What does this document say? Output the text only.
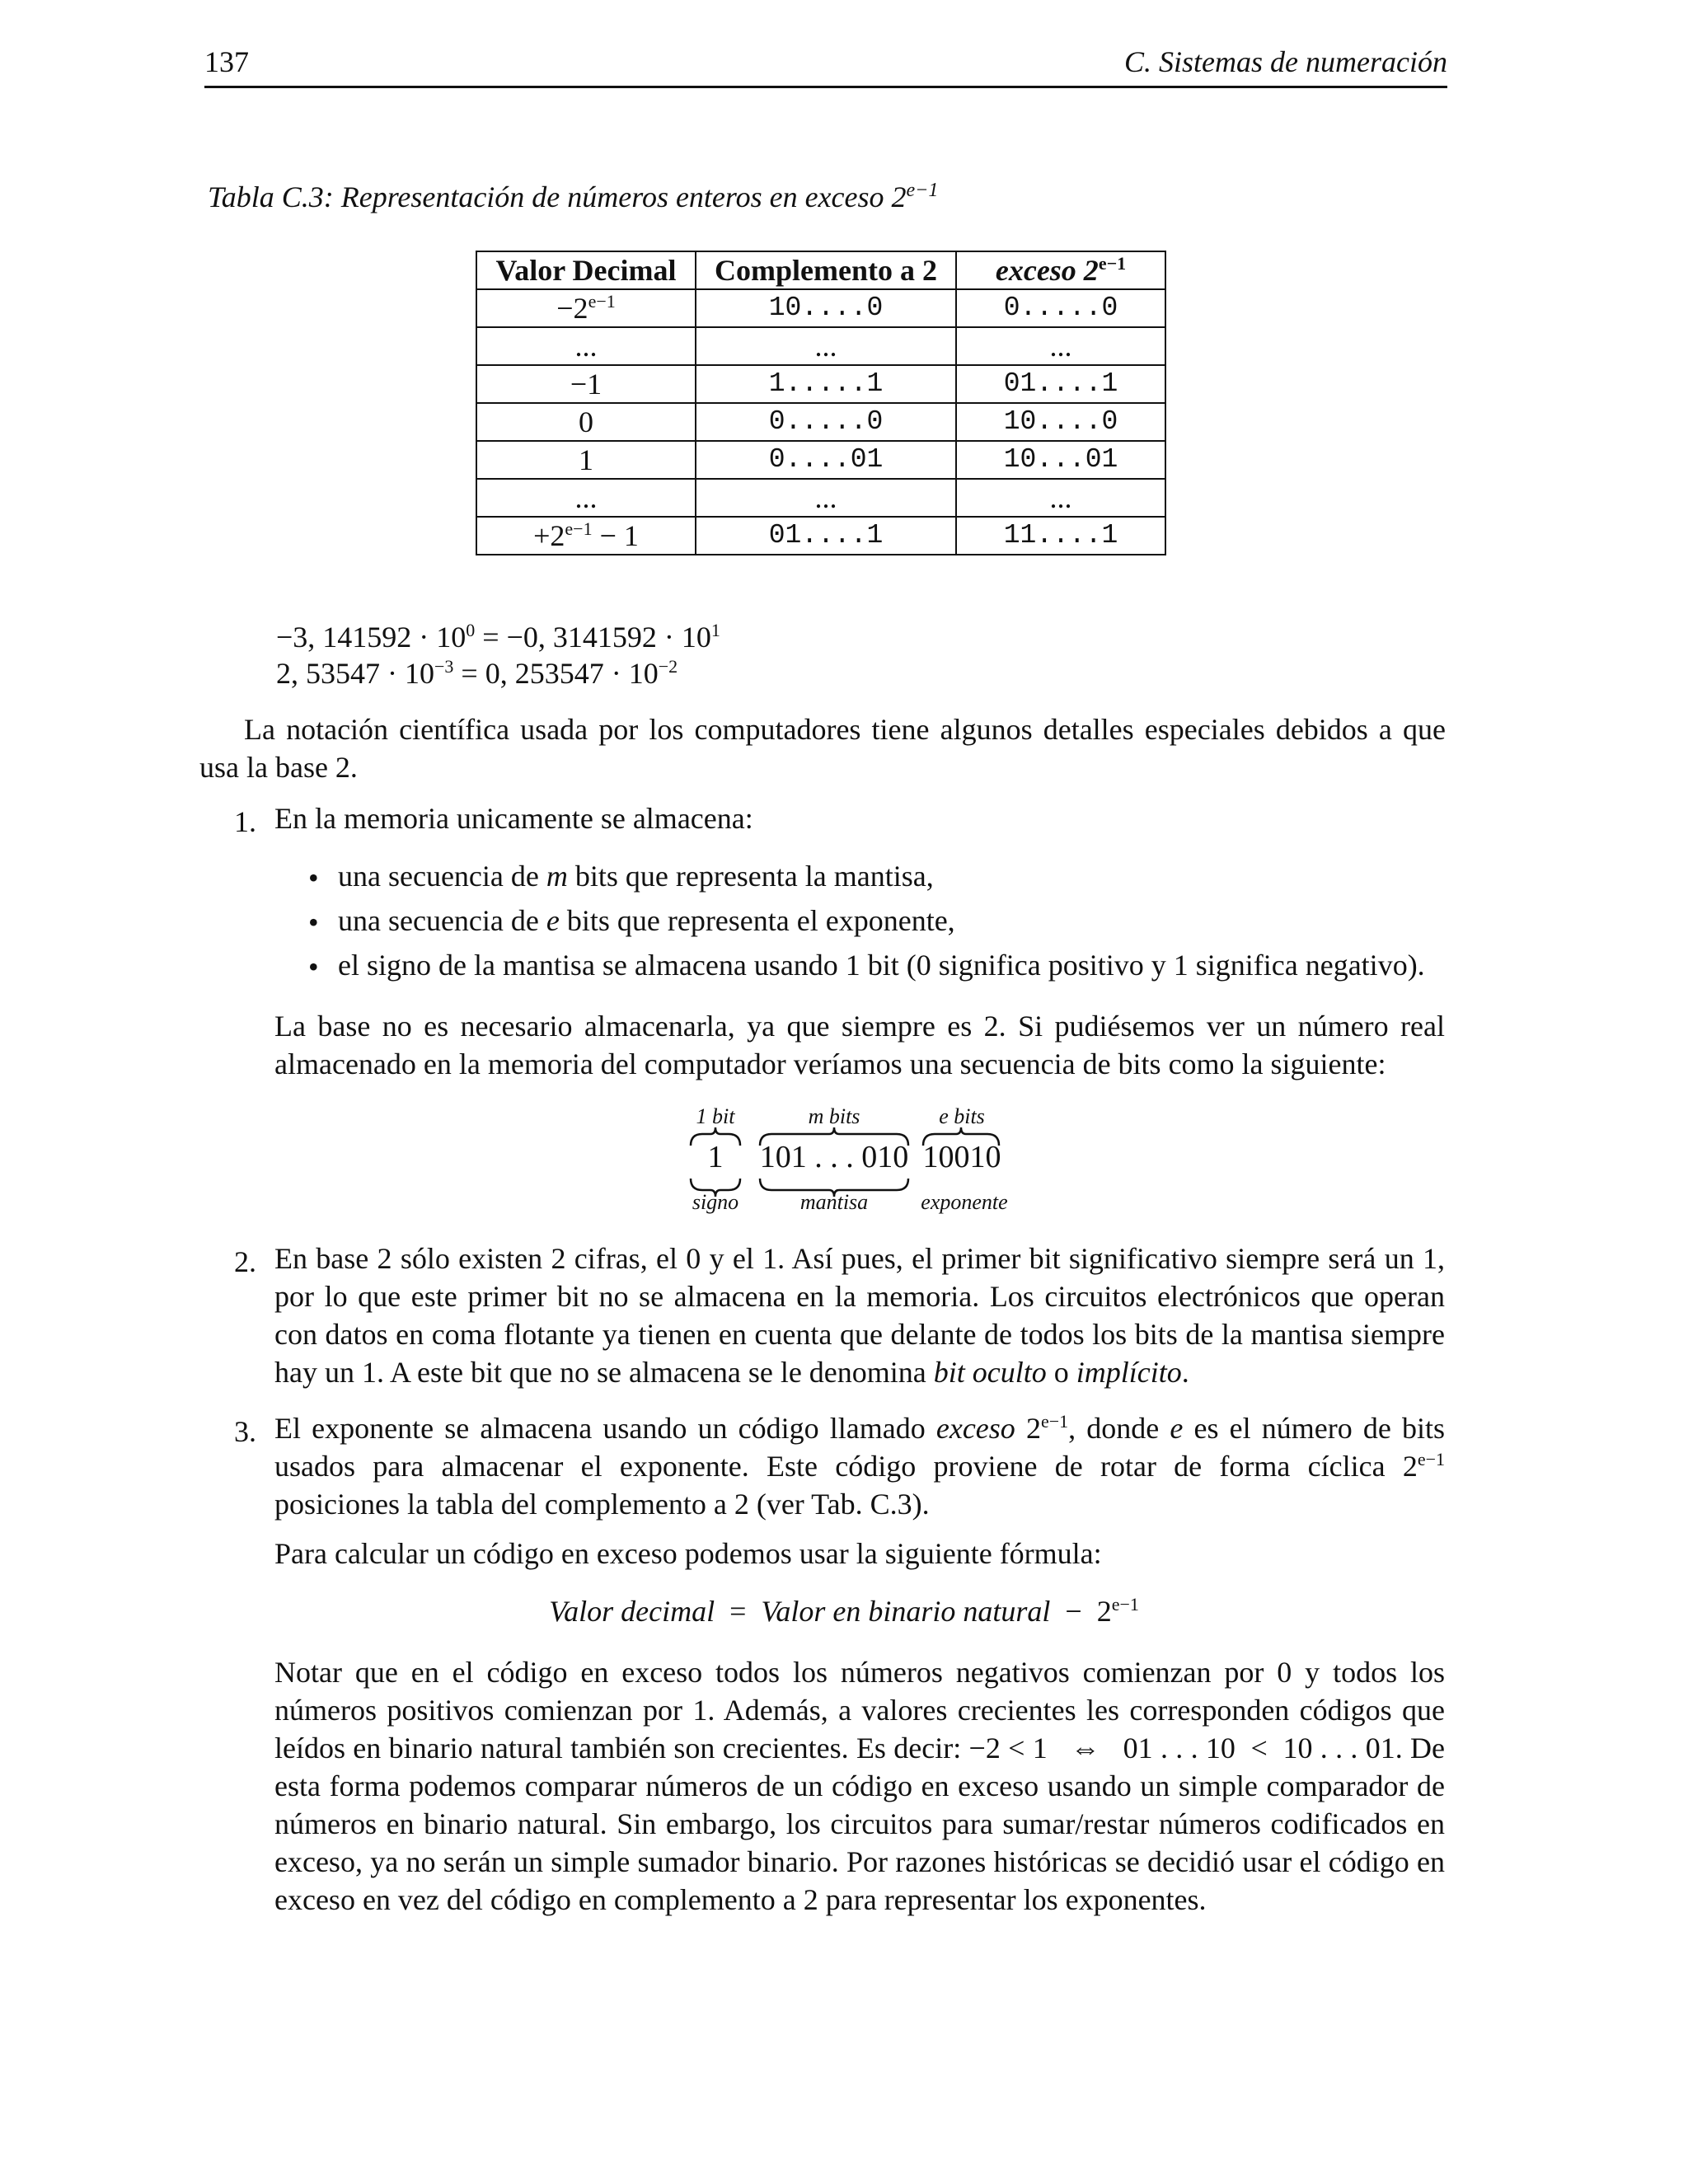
137	C. Sistemas de numeración
Tabla C.3: Representación de números enteros en exceso $2^{e-1}$
Valor Decimal	Complemento a 2	exceso $2^{e-1}$
$-2^{e-1}$	10....0	0.....0
...	...	...
−1	1.....1	01....1
0	0.....0	10....0
1	0....01	10...01
...	...	...
$+2^{e-1} - 1$	01....1	11....1
−3, $141592 \cdot 10^0 = -0$, $3141592 \cdot 10^1$
2, $53547 \cdot 10^{-3} = 0$, $253547 \cdot 10^{-2}$
La notación científica usada por los computadores tiene algunos detalles especiales debidos a que usa la base 2.
1. En la memoria unicamente se almacena:
• una secuencia de m bits que representa la mantisa,
• una secuencia de e bits que representa el exponente,
• el signo de la mantisa se almacena usando 1 bit (0 significa positivo y 1 significa negativo).
La base no es necesario almacenarla, ya que siempre es 2. Si pudiésemos ver un número real almacenado en la memoria del computador veríamos una secuencia de bits como la siguiente:
1 bit	m bits	e bits
1	101 . . . 010 10010
signo	mantisa	exponente
2. En base 2 sólo existen 2 cifras, el 0 y el 1. Así pues, el primer bit significativo siempre será un 1, por lo que este primer bit no se almacena en la memoria. Los circuitos electrónicos que operan con datos en coma flotante ya tienen en cuenta que delante de todos los bits de la mantisa siempre hay un 1. A este bit que no se almacena se le denomina bit oculto o implícito.
3. El exponente se almacena usando un código llamado exceso $2^{e-1}$, donde e es el número de bits usados para almacenar el exponente. Este código proviene de rotar de forma cíclica $2^{e-1}$ posiciones la tabla del complemento a 2 (ver Tab. C.3).
Para calcular un código en exceso podemos usar la siguiente fórmula:
Valor decimal  =  Valor en binario natural  −  $2^{e-1}$
Notar que en el código en exceso todos los números negativos comienzan por 0 y todos los números positivos comienzan por 1. Además, a valores crecientes les corresponden códigos que leídos en binario natural también son crecientes. Es decir: −2 < 1   ⇔   01 . . . 10  <  10 . . . 01. De esta forma podemos comparar números de un código en exceso usando un simple comparador de números en binario natural. Sin embargo, los circuitos para sumar/restar números codificados en exceso, ya no serán un simple sumador binario. Por razones históricas se decidió usar el código en exceso en vez del código en complemento a 2 para representar los exponentes.
